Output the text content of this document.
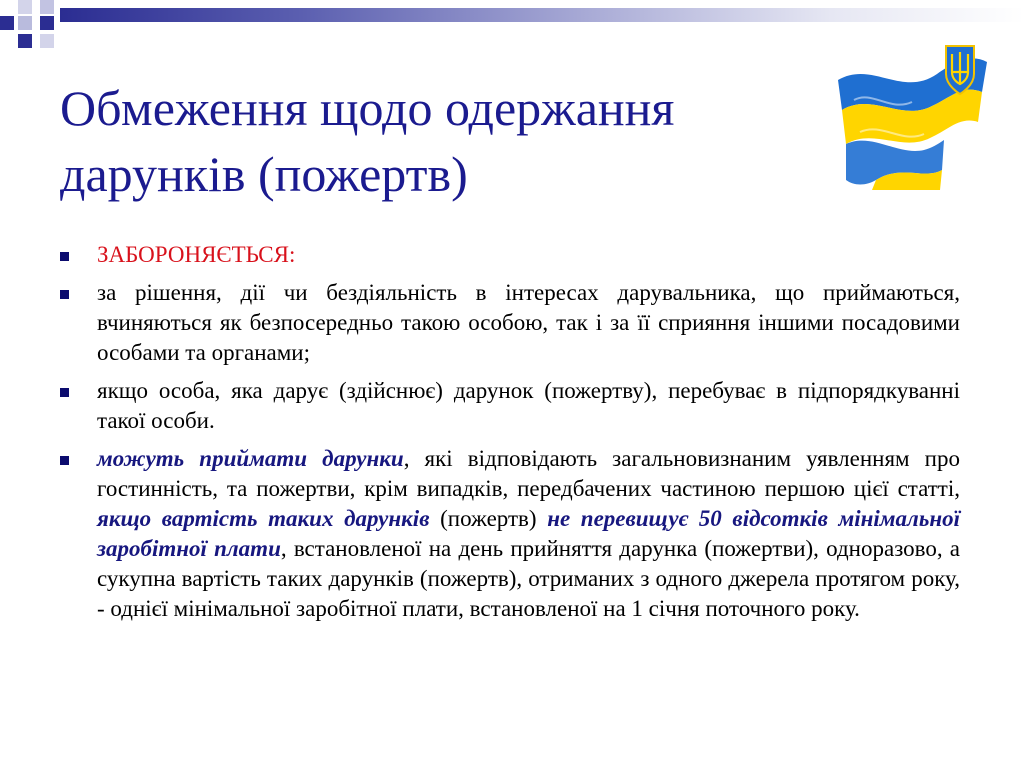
Обмеження щодо одержання
дарунків (пожертв)
ЗАБОРОНЯЄТЬСЯ:
за рішення, дії чи бездіяльність в інтересах дарувальника, що приймаються, вчиняються як безпосередньо такою особою, так і за її сприяння іншими посадовими особами та органами;
якщо особа, яка дарує (здійснює) дарунок (пожертву), перебуває в підпорядкуванні такої особи.
можуть приймати дарунки, які відповідають загальновизнаним уявленням про гостинність, та пожертви, крім випадків, передбачених частиною першою цієї статті, якщо вартість таких дарунків (пожертв) не перевищує 50 відсотків мінімальної заробітної плати, встановленої на день прийняття дарунка (пожертви), одноразово, а сукупна вартість таких дарунків (пожертв), отриманих з одного джерела протягом року, - однієї мінімальної заробітної плати, встановленої на 1 січня поточного року.
